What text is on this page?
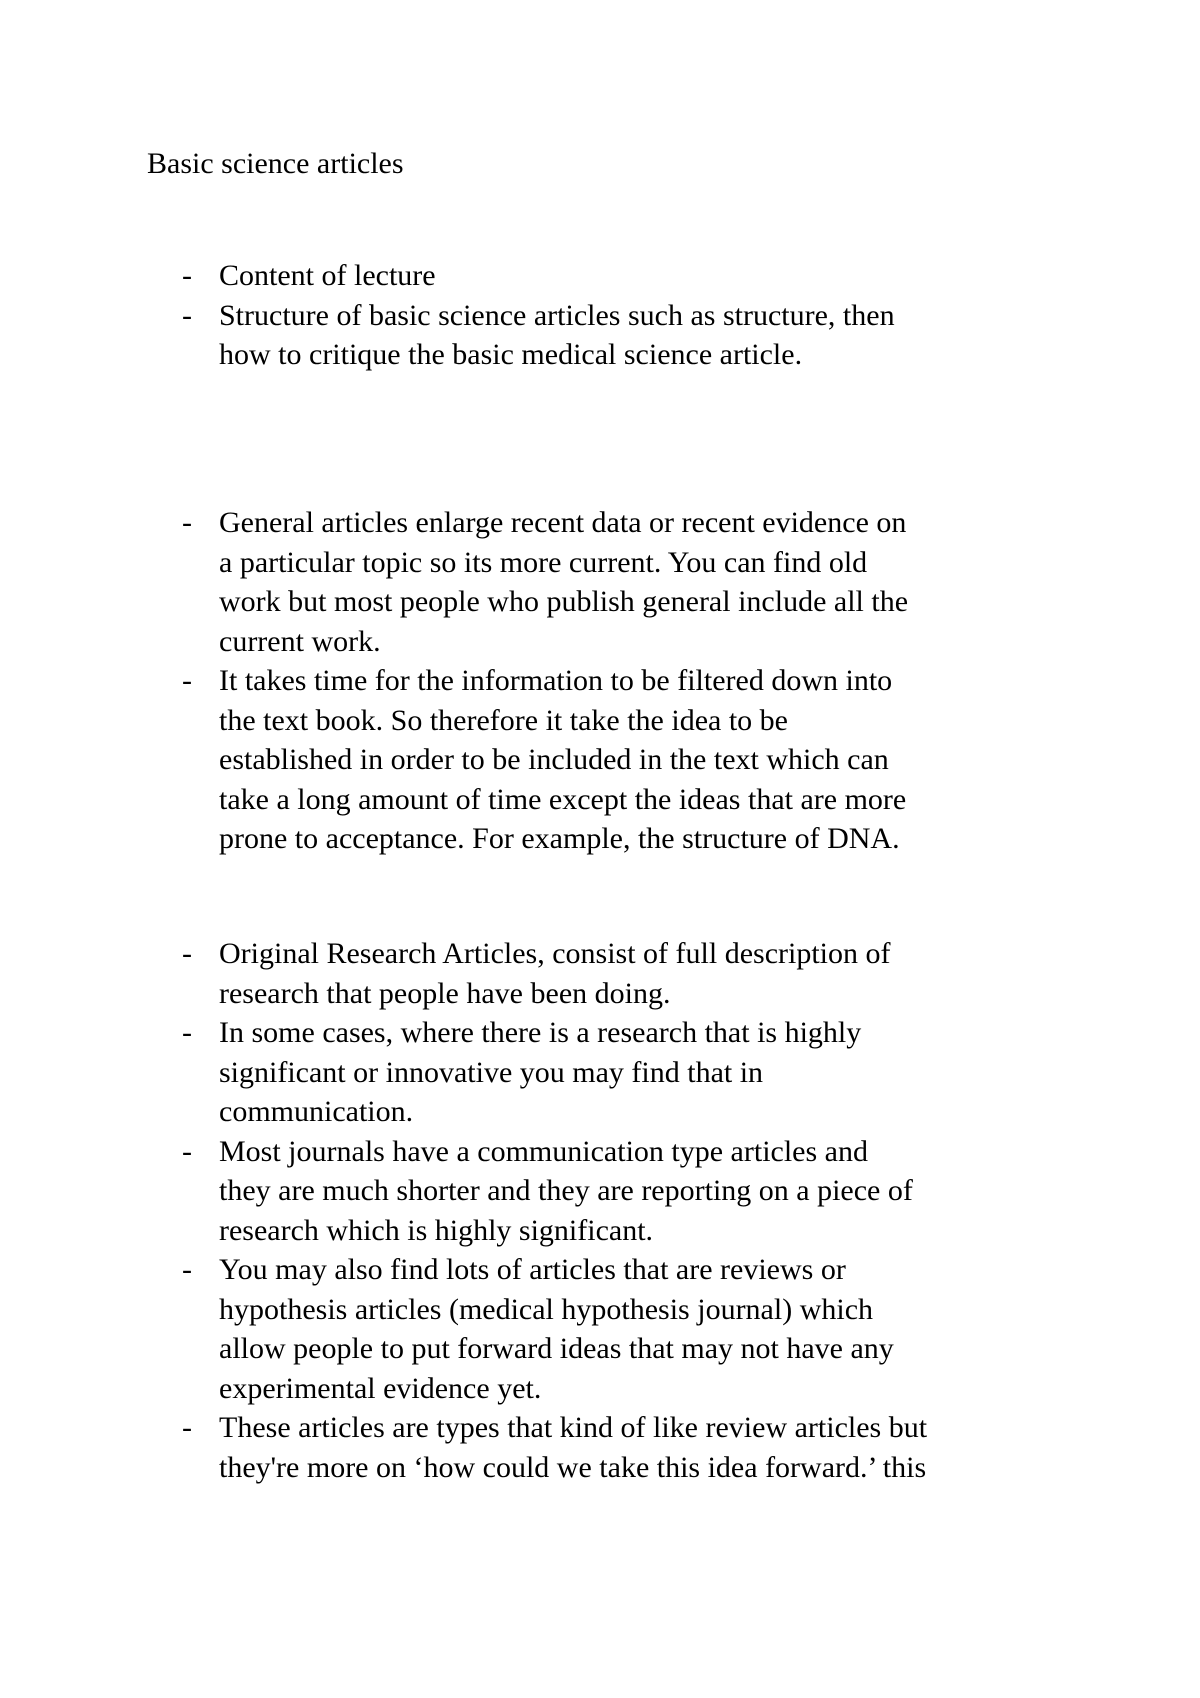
Basic science articles
- Content of lecture
- Structure of basic science articles such as structure, then
how to critique the basic medical science article.
- General articles enlarge recent data or recent evidence on
a particular topic so its more current. You can find old
work but most people who publish general include all the
current work.
- It takes time for the information to be filtered down into
the text book. So therefore it take the idea to be
established in order to be included in the text which can
take a long amount of time except the ideas that are more
prone to acceptance. For example, the structure of DNA.
- Original Research Articles, consist of full description of
research that people have been doing.
- In some cases, where there is a research that is highly
significant or innovative you may find that in
communication.
- Most journals have a communication type articles and
they are much shorter and they are reporting on a piece of
research which is highly significant.
- You may also find lots of articles that are reviews or
hypothesis articles (medical hypothesis journal) which
allow people to put forward ideas that may not have any
experimental evidence yet.
- These articles are types that kind of like review articles but
they're more on ‘how could we take this idea forward.’ this
